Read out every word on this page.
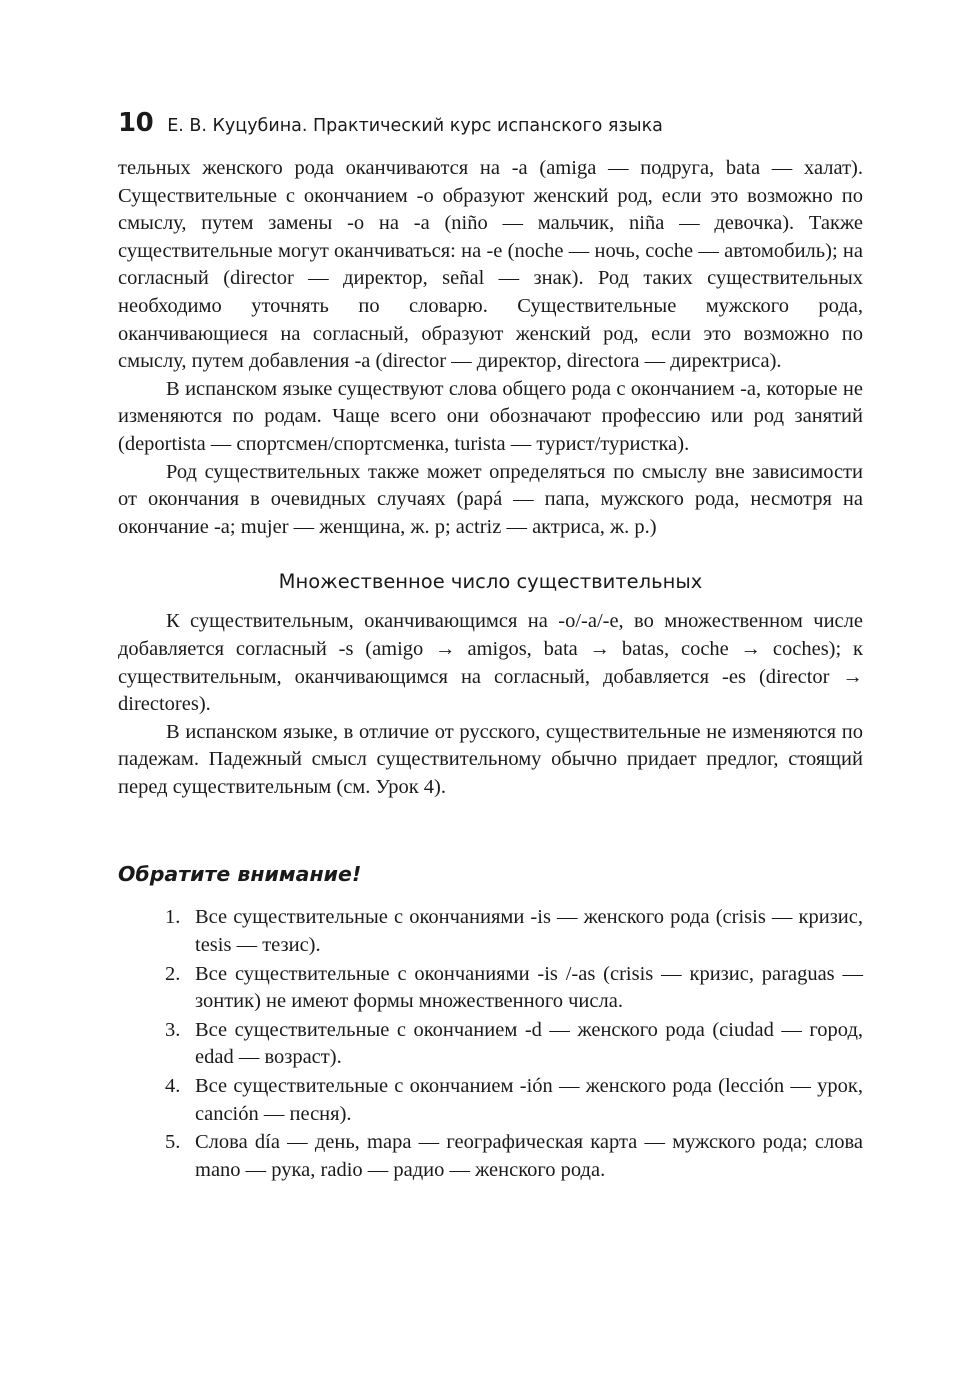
10 Е. В. Куцубина. Практический курс испанского языка

тельных женского рода оканчиваются на -a (amiga — подруга, bata — халат). Существительные с окончанием -o образуют женский род, если это возможно по смыслу, путем замены -o на -a (niño — мальчик, niña — девочка). Также существительные могут оканчиваться: на -e (noche — ночь, coche — автомобиль); на согласный (director — директор, señal — знак). Род таких существительных необходимо уточнять по словарю. Существительные мужского рода, оканчивающиеся на согласный, образуют женский род, если это возможно по смыслу, путем добавления -a (director — директор, directora — директриса).

В испанском языке существуют слова общего рода с окончанием -a, которые не изменяются по родам. Чаще всего они обозначают профессию или род занятий (deportista — спортсмен/спортсменка, turista — турист/туристка).

Род существительных также может определяться по смыслу вне зависимости от окончания в очевидных случаях (papá — папа, мужского рода, несмотря на окончание -a; mujer — женщина, ж. р; actriz — актриса, ж. р.)

Множественное число существительных

К существительным, оканчивающимся на -o/-a/-e, во множественном числе добавляется согласный -s (amigo → amigos, bata → batas, coche → coches); к существительным, оканчивающимся на согласный, добавляется -es (director → directores).

В испанском языке, в отличие от русского, существительные не изменяются по падежам. Падежный смысл существительному обычно придает предлог, стоящий перед существительным (см. Урок 4).

Обратите внимание!
1. Все существительные с окончаниями -is — женского рода (crisis — кризис, tesis — тезис).
2. Все существительные с окончаниями -is /-as (crisis — кризис, paraguas — зонтик) не имеют формы множественного числа.
3. Все существительные с окончанием -d — женского рода (ciudad — город, edad — возраст).
4. Все существительные с окончанием -ión — женского рода (lección — урок, canción — песня).
5. Слова día — день, mapa — географическая карта — мужского рода; слова mano — рука, radio — радио — женского рода.
